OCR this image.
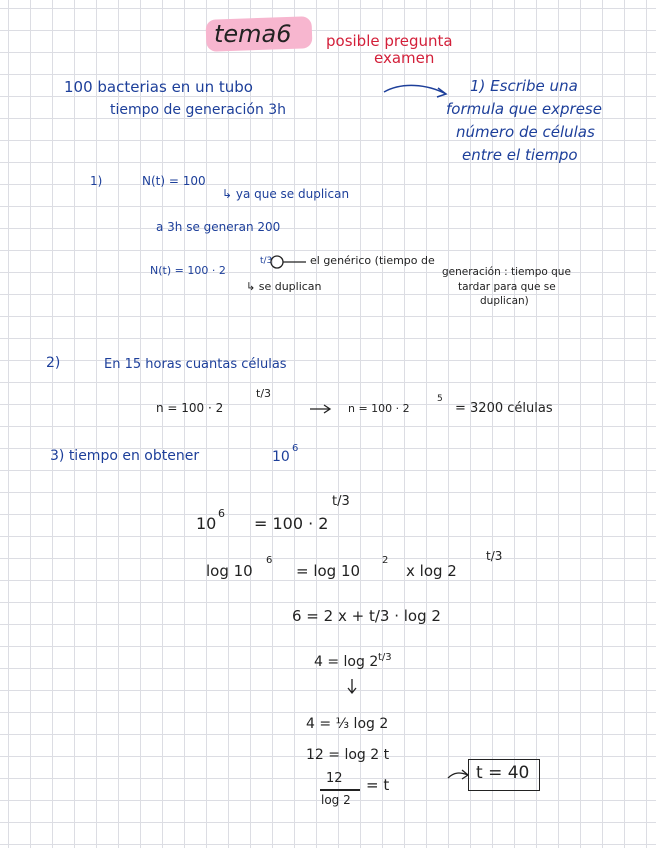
tema6 posible pregunta
examen
100 bacterias en un tubo
tiempo de generación 3h
1) Escribe una
formula que exprese
número de células
entre el tiempo
1)	N(t) = 100
↳ ya que se duplican
a 3h se generan 200
N(t) = 100 · 2
t/3	el genérico (tiempo de
↳ se duplican
generación : tiempo que
tardar para que se
duplican)
2)	En 15 horas cuantas células
n = 100 · 2
t/3
n = 100 · 2
5
= 3200 células
3) tiempo en obtener	10
6
10
6
= 100 · 2
t/3
log 10
6
= log 10
2
x log 2
t/3
6 = 2 x + t/3 · log 2
4 = log 2 t/3
4 = ⅓ log 2
12 = log 2 t
12
log 2
= t
t = 40
